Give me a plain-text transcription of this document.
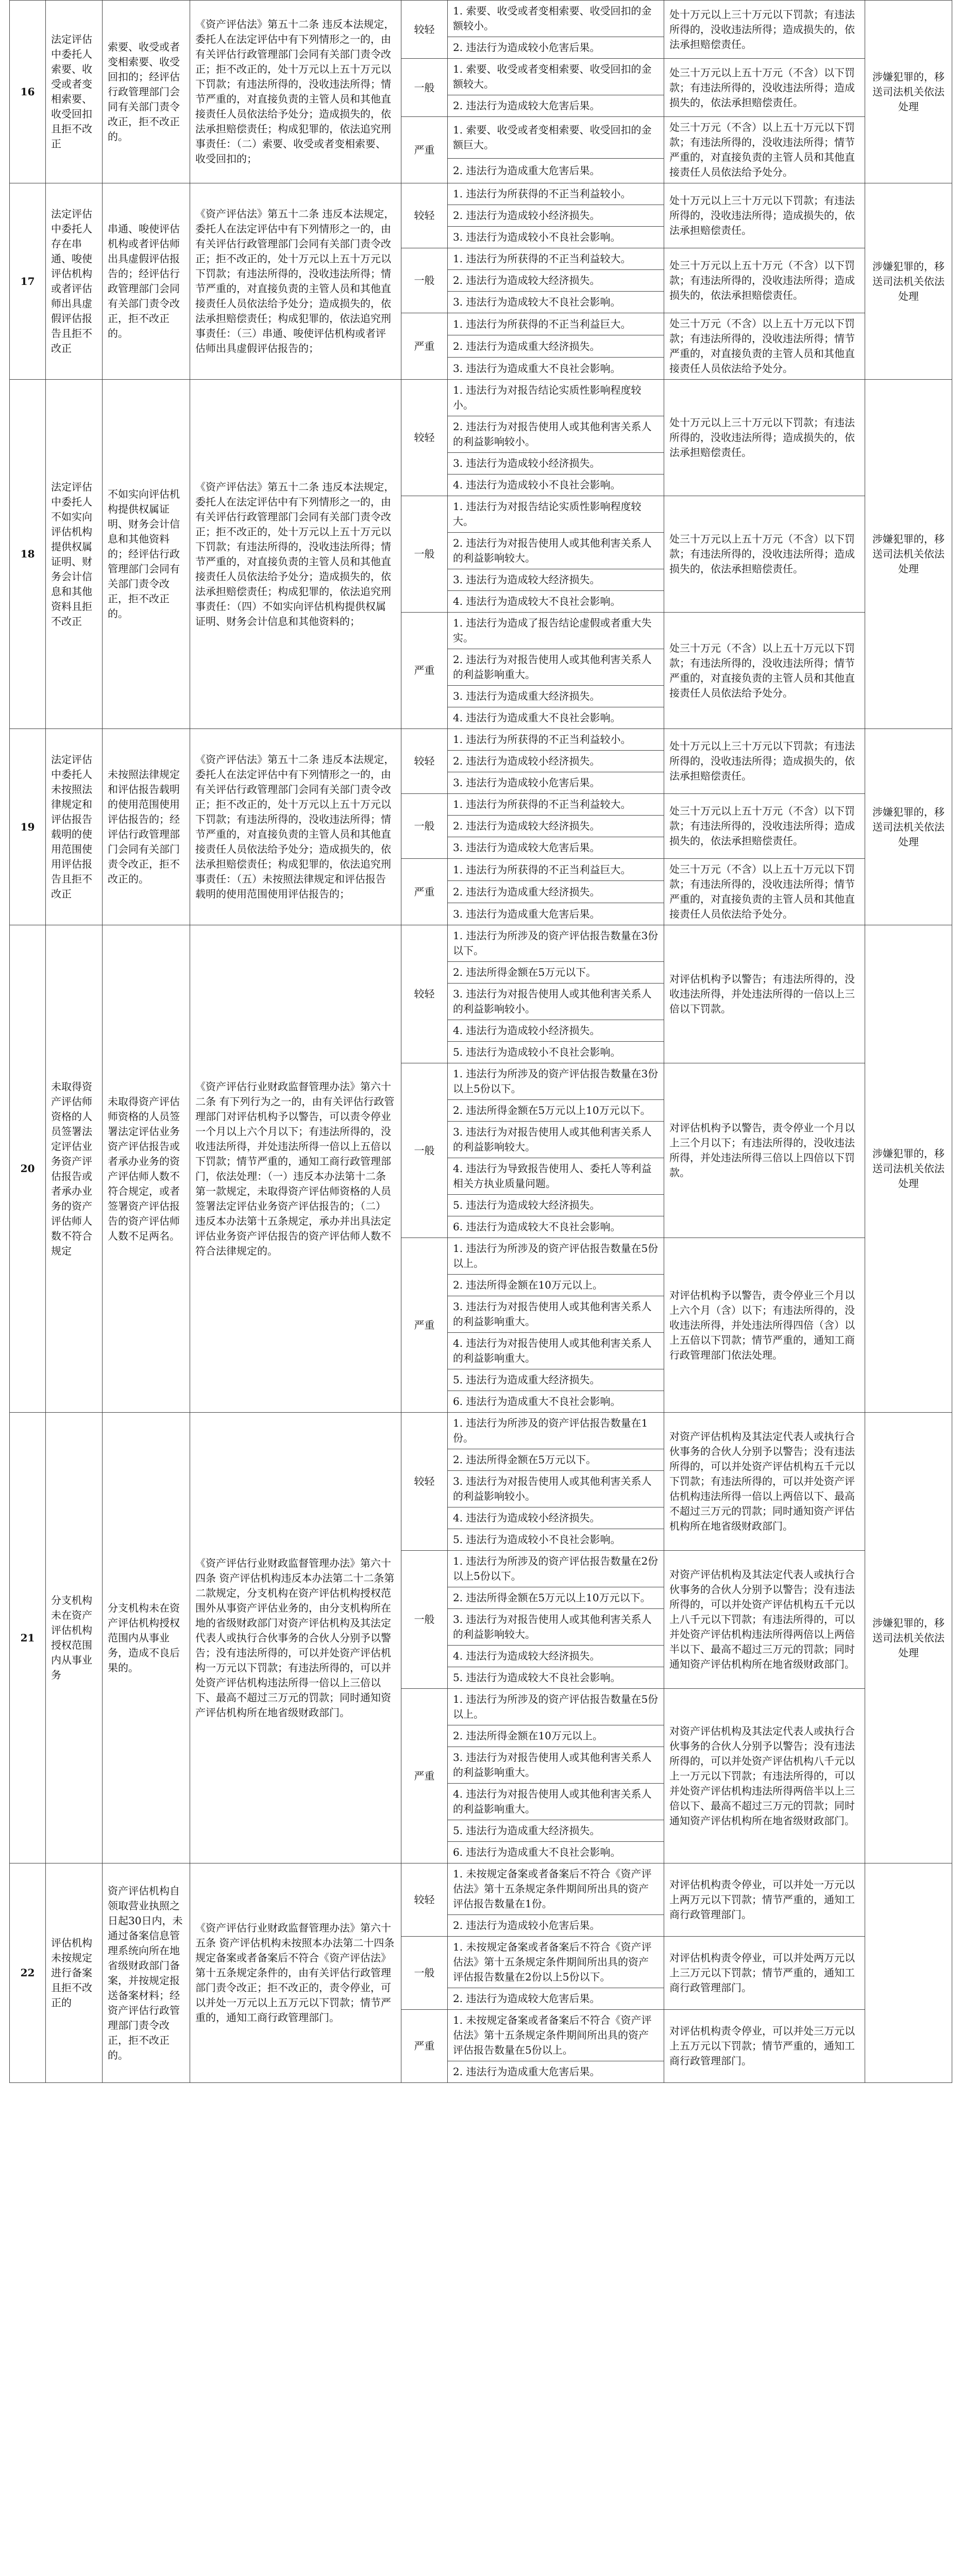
16	法定评估中委托人索要、收受或者变相索要、收受回扣且拒不改正	索要、收受或者变相索要、收受回扣的；经评估行政管理部门会同有关部门责令改正，拒不改正的。	《资产评估法》第五十二条 违反本法规定，委托人在法定评估中有下列情形之一的，由有关评估行政管理部门会同有关部门责令改正；拒不改正的，处十万元以上五十万元以下罚款；有违法所得的，没收违法所得；情节严重的，对直接负责的主管人员和其他直接责任人员依法给予处分；造成损失的，依法承担赔偿责任；构成犯罪的，依法追究刑事责任：（二）索要、收受或者变相索要、收受回扣的；	较轻	1. 索要、收受或者变相索要、收受回扣的金额较小。	处十万元以上三十万元以下罚款；有违法所得的，没收违法所得；造成损失的，依法承担赔偿责任。	涉嫌犯罪的，移送司法机关依法处理
					2. 违法行为造成较小危害后果。		
				一般	1. 索要、收受或者变相索要、收受回扣的金额较大。	处三十万元以上五十万元（不含）以下罚款；有违法所得的，没收违法所得；造成损失的，依法承担赔偿责任。	
					2. 违法行为造成较大危害后果。		
				严重	1. 索要、收受或者变相索要、收受回扣的金额巨大。	处三十万元（不含）以上五十万元以下罚款；有违法所得的，没收违法所得；情节严重的，对直接负责的主管人员和其他直接责任人员依法给予处分。	
					2. 违法行为造成重大危害后果。		
17	法定评估中委托人存在串通、唆使评估机构或者评估师出具虚假评估报告且拒不改正	串通、唆使评估机构或者评估师出具虚假评估报告的；经评估行政管理部门会同有关部门责令改正，拒不改正的。	《资产评估法》第五十二条 违反本法规定，委托人在法定评估中有下列情形之一的，由有关评估行政管理部门会同有关部门责令改正；拒不改正的，处十万元以上五十万元以下罚款；有违法所得的，没收违法所得；情节严重的，对直接负责的主管人员和其他直接责任人员依法给予处分；造成损失的，依法承担赔偿责任；构成犯罪的，依法追究刑事责任：（三）串通、唆使评估机构或者评估师出具虚假评估报告的；	较轻	1. 违法行为所获得的不正当利益较小。	处十万元以上三十万元以下罚款；有违法所得的，没收违法所得；造成损失的，依法承担赔偿责任。	涉嫌犯罪的，移送司法机关依法处理
					2. 违法行为造成较小经济损失。		
					3. 违法行为造成较小不良社会影响。		
				一般	1. 违法行为所获得的不正当利益较大。	处三十万元以上五十万元（不含）以下罚款；有违法所得的，没收违法所得；造成损失的，依法承担赔偿责任。	
					2. 违法行为造成较大经济损失。		
					3. 违法行为造成较大不良社会影响。		
				严重	1. 违法行为所获得的不正当利益巨大。	处三十万元（不含）以上五十万元以下罚款；有违法所得的，没收违法所得；情节严重的，对直接负责的主管人员和其他直接责任人员依法给予处分。	
					2. 违法行为造成重大经济损失。		
					3. 违法行为造成重大不良社会影响。		
18	法定评估中委托人不如实向评估机构提供权属证明、财务会计信息和其他资料且拒不改正	不如实向评估机构提供权属证明、财务会计信息和其他资料的；经评估行政管理部门会同有关部门责令改正，拒不改正的。	《资产评估法》第五十二条 违反本法规定，委托人在法定评估中有下列情形之一的，由有关评估行政管理部门会同有关部门责令改正；拒不改正的，处十万元以上五十万元以下罚款；有违法所得的，没收违法所得；情节严重的，对直接负责的主管人员和其他直接责任人员依法给予处分；造成损失的，依法承担赔偿责任；构成犯罪的，依法追究刑事责任：（四）不如实向评估机构提供权属证明、财务会计信息和其他资料的；	较轻	1. 违法行为对报告结论实质性影响程度较小。	处十万元以上三十万元以下罚款；有违法所得的，没收违法所得；造成损失的，依法承担赔偿责任。	涉嫌犯罪的，移送司法机关依法处理
					2. 违法行为对报告使用人或其他利害关系人的利益影响较小。		
					3. 违法行为造成较小经济损失。		
					4. 违法行为造成较小不良社会影响。		
				一般	1. 违法行为对报告结论实质性影响程度较大。	处三十万元以上五十万元（不含）以下罚款；有违法所得的，没收违法所得；造成损失的，依法承担赔偿责任。	
					2. 违法行为对报告使用人或其他利害关系人的利益影响较大。		
					3. 违法行为造成较大经济损失。		
					4. 违法行为造成较大不良社会影响。		
				严重	1. 违法行为造成了报告结论虚假或者重大失实。	处三十万元（不含）以上五十万元以下罚款；有违法所得的，没收违法所得；情节严重的，对直接负责的主管人员和其他直接责任人员依法给予处分。	
					2. 违法行为对报告使用人或其他利害关系人的利益影响重大。		
					3. 违法行为造成重大经济损失。		
					4. 违法行为造成重大不良社会影响。		
19	法定评估中委托人未按照法律规定和评估报告载明的使用范围使用评估报告且拒不改正	未按照法律规定和评估报告载明的使用范围使用评估报告的；经评估行政管理部门会同有关部门责令改正，拒不改正的。	《资产评估法》第五十二条 违反本法规定，委托人在法定评估中有下列情形之一的，由有关评估行政管理部门会同有关部门责令改正；拒不改正的，处十万元以上五十万元以下罚款；有违法所得的，没收违法所得；情节严重的，对直接负责的主管人员和其他直接责任人员依法给予处分；造成损失的，依法承担赔偿责任；构成犯罪的，依法追究刑事责任：（五）未按照法律规定和评估报告载明的使用范围使用评估报告的；	较轻	1. 违法行为所获得的不正当利益较小。	处十万元以上三十万元以下罚款；有违法所得的，没收违法所得；造成损失的，依法承担赔偿责任。	涉嫌犯罪的，移送司法机关依法处理
					2. 违法行为造成较小经济损失。		
					3. 违法行为造成较小危害后果。		
				一般	1. 违法行为所获得的不正当利益较大。	处三十万元以上五十万元（不含）以下罚款；有违法所得的，没收违法所得；造成损失的，依法承担赔偿责任。	
					2. 违法行为造成较大经济损失。		
					3. 违法行为造成较大危害后果。		
				严重	1. 违法行为所获得的不正当利益巨大。	处三十万元（不含）以上五十万元以下罚款；有违法所得的，没收违法所得；情节严重的，对直接负责的主管人员和其他直接责任人员依法给予处分。	
					2. 违法行为造成重大经济损失。		
					3. 违法行为造成重大危害后果。		
20	未取得资产评估师资格的人员签署法定评估业务资产评估报告或者承办业务的资产评估师人数不符合规定	未取得资产评估师资格的人员签署法定评估业务资产评估报告或者承办业务的资产评估师人数不符合规定，或者签署资产评估报告的资产评估师人数不足两名。	《资产评估行业财政监督管理办法》第六十二条 有下列行为之一的，由有关评估行政管理部门对评估机构予以警告，可以责令停业一个月以上六个月以下；有违法所得的，没收违法所得，并处违法所得一倍以上五倍以下罚款；情节严重的，通知工商行政管理部门，依法处理：（一）违反本办法第十二条第一款规定，未取得资产评估师资格的人员签署法定评估业务资产评估报告的；（二）违反本办法第十五条规定，承办并出具法定评估业务资产评估报告的资产评估师人数不符合法律规定的。	较轻	1. 违法行为所涉及的资产评估报告数量在3份以下。	对评估机构予以警告；有违法所得的，没收违法所得，并处违法所得的一倍以上三倍以下罚款。	涉嫌犯罪的，移送司法机关依法处理
					2. 违法所得金额在5万元以下。		
					3. 违法行为对报告使用人或其他利害关系人的利益影响较小。		
					4. 违法行为造成较小经济损失。		
					5. 违法行为造成较小不良社会影响。		
				一般	1. 违法行为所涉及的资产评估报告数量在3份以上5份以下。	对评估机构予以警告，责令停业一个月以上三个月以下；有违法所得的，没收违法所得，并处违法所得三倍以上四倍以下罚款。	
					2. 违法所得金额在5万元以上10万元以下。		
					3. 违法行为对报告使用人或其他利害关系人的利益影响较大。		
					4. 违法行为导致报告使用人、委托人等利益相关方执业质量问题。		
					5. 违法行为造成较大经济损失。		
					6. 违法行为造成较大不良社会影响。		
				严重	1. 违法行为所涉及的资产评估报告数量在5份以上。	对评估机构予以警告，责令停业三个月以上六个月（含）以下；有违法所得的，没收违法所得，并处违法所得四倍（含）以上五倍以下罚款；情节严重的，通知工商行政管理部门依法处理。	
					2. 违法所得金额在10万元以上。		
					3. 违法行为对报告使用人或其他利害关系人的利益影响重大。		
					4. 违法行为对报告使用人或其他利害关系人的利益影响重大。		
					5. 违法行为造成重大经济损失。		
					6. 违法行为造成重大不良社会影响。		
21	分支机构未在资产评估机构授权范围内从事业务	分支机构未在资产评估机构授权范围内从事业务，造成不良后果的。	《资产评估行业财政监督管理办法》第六十四条 资产评估机构违反本办法第二十二条第二款规定，分支机构在资产评估机构授权范围外从事资产评估业务的，由分支机构所在地的省级财政部门对资产评估机构及其法定代表人或执行合伙事务的合伙人分别予以警告；没有违法所得的，可以并处资产评估机构一万元以下罚款；有违法所得的，可以并处资产评估机构违法所得一倍以上三倍以下、最高不超过三万元的罚款；同时通知资产评估机构所在地省级财政部门。	较轻	1. 违法行为所涉及的资产评估报告数量在1份。	对资产评估机构及其法定代表人或执行合伙事务的合伙人分别予以警告；没有违法所得的，可以并处资产评估机构五千元以下罚款；有违法所得的，可以并处资产评估机构违法所得一倍以上两倍以下、最高不超过三万元的罚款；同时通知资产评估机构所在地省级财政部门。	涉嫌犯罪的，移送司法机关依法处理
					2. 违法所得金额在5万元以下。		
					3. 违法行为对报告使用人或其他利害关系人的利益影响较小。		
					4. 违法行为造成较小经济损失。		
					5. 违法行为造成较小不良社会影响。		
				一般	1. 违法行为所涉及的资产评估报告数量在2份以上5份以下。	对资产评估机构及其法定代表人或执行合伙事务的合伙人分别予以警告；没有违法所得的，可以并处资产评估机构五千元以上八千元以下罚款；有违法所得的，可以并处资产评估机构违法所得两倍以上两倍半以下、最高不超过三万元的罚款；同时通知资产评估机构所在地省级财政部门。	
					2. 违法所得金额在5万元以上10万元以下。		
					3. 违法行为对报告使用人或其他利害关系人的利益影响较大。		
					4. 违法行为造成较大经济损失。		
					5. 违法行为造成较大不良社会影响。		
				严重	1. 违法行为所涉及的资产评估报告数量在5份以上。	对资产评估机构及其法定代表人或执行合伙事务的合伙人分别予以警告；没有违法所得的，可以并处资产评估机构八千元以上一万元以下罚款；有违法所得的，可以并处资产评估机构违法所得两倍半以上三倍以下、最高不超过三万元的罚款；同时通知资产评估机构所在地省级财政部门。	
					2. 违法所得金额在10万元以上。		
					3. 违法行为对报告使用人或其他利害关系人的利益影响重大。		
					4. 违法行为对报告使用人或其他利害关系人的利益影响重大。		
					5. 违法行为造成重大经济损失。		
					6. 违法行为造成重大不良社会影响。		
22	评估机构未按规定进行备案且拒不改正的	资产评估机构自领取营业执照之日起30日内，未通过备案信息管理系统向所在地省级财政部门备案，并按规定报送备案材料；经资产评估行政管理部门责令改正，拒不改正的。	《资产评估行业财政监督管理办法》第六十五条 资产评估机构未按照本办法第二十四条规定备案或者备案后不符合《资产评估法》第十五条规定条件的，由有关评估行政管理部门责令改正；拒不改正的，责令停业，可以并处一万元以上五万元以下罚款；情节严重的，通知工商行政管理部门。	较轻	1. 未按规定备案或者备案后不符合《资产评估法》第十五条规定条件期间所出具的资产评估报告数量在1份。	对评估机构责令停业，可以并处一万元以上两万元以下罚款；情节严重的，通知工商行政管理部门。	
					2. 违法行为造成较小危害后果。		
				一般	1. 未按规定备案或者备案后不符合《资产评估法》第十五条规定条件期间所出具的资产评估报告数量在2份以上5份以下。	对评估机构责令停业，可以并处两万元以上三万元以下罚款；情节严重的，通知工商行政管理部门。	
					2. 违法行为造成较大危害后果。		
				严重	1. 未按规定备案或者备案后不符合《资产评估法》第十五条规定条件期间所出具的资产评估报告数量在5份以上。	对评估机构责令停业，可以并处三万元以上五万元以下罚款；情节严重的，通知工商行政管理部门。	
					2. 违法行为造成重大危害后果。		
